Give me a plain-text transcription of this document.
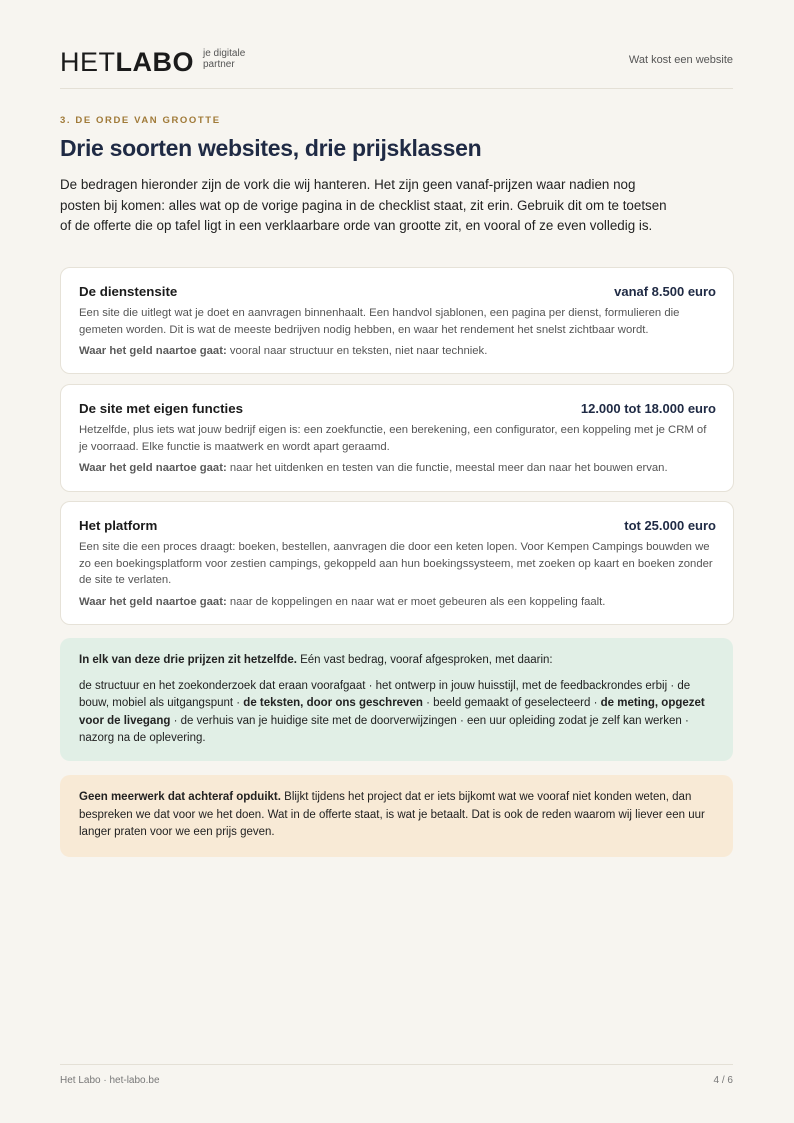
HETLABO je digitale
partner	Wat kost een website
3. DE ORDE VAN GROOTTE
Drie soorten websites, drie prijsklassen

De bedragen hieronder zijn de vork die wij hanteren. Het zijn geen vanaf-prijzen waar nadien nog posten bij komen: alles wat op de vorige pagina in de checklist staat, zit erin. Gebruik dit om te toetsen of de offerte die op tafel ligt in een verklaarbare orde van grootte zit, en vooral of ze even volledig is.

De dienstensite	vanaf 8.500 euro

Een site die uitlegt wat je doet en aanvragen binnenhaalt. Een handvol sjablonen, een pagina per dienst, formulieren die gemeten worden. Dit is wat de meeste bedrijven nodig hebben, en waar het rendement het snelst zichtbaar wordt.

Waar het geld naartoe gaat: vooral naar structuur en teksten, niet naar techniek.

De site met eigen functies	12.000 tot 18.000 euro

Hetzelfde, plus iets wat jouw bedrijf eigen is: een zoekfunctie, een berekening, een configurator, een koppeling met je CRM of je voorraad. Elke functie is maatwerk en wordt apart geraamd.

Waar het geld naartoe gaat: naar het uitdenken en testen van die functie, meestal meer dan naar het bouwen ervan.

Het platform	tot 25.000 euro

Een site die een proces draagt: boeken, bestellen, aanvragen die door een keten lopen. Voor Kempen Campings bouwden we zo een boekingsplatform voor zestien campings, gekoppeld aan hun boekingssysteem, met zoeken op kaart en boeken zonder de site te verlaten.

Waar het geld naartoe gaat: naar de koppelingen en naar wat er moet gebeuren als een koppeling faalt.

In elk van deze drie prijzen zit hetzelfde. Eén vast bedrag, vooraf afgesproken, met daarin:

de structuur en het zoekonderzoek dat eraan voorafgaat · het ontwerp in jouw huisstijl, met de feedbackrondes erbij · de bouw, mobiel als uitgangspunt · de teksten, door ons geschreven · beeld gemaakt of geselecteerd · de meting, opgezet voor de livegang · de verhuis van je huidige site met de doorverwijzingen · een uur opleiding zodat je zelf kan werken · nazorg na de oplevering.

Geen meerwerk dat achteraf opduikt. Blijkt tijdens het project dat er iets bijkomt wat we vooraf niet konden weten, dan bespreken we dat voor we het doen. Wat in de offerte staat, is wat je betaalt. Dat is ook de reden waarom wij liever een uur langer praten voor we een prijs geven.

Het Labo · het-labo.be	4 / 6
